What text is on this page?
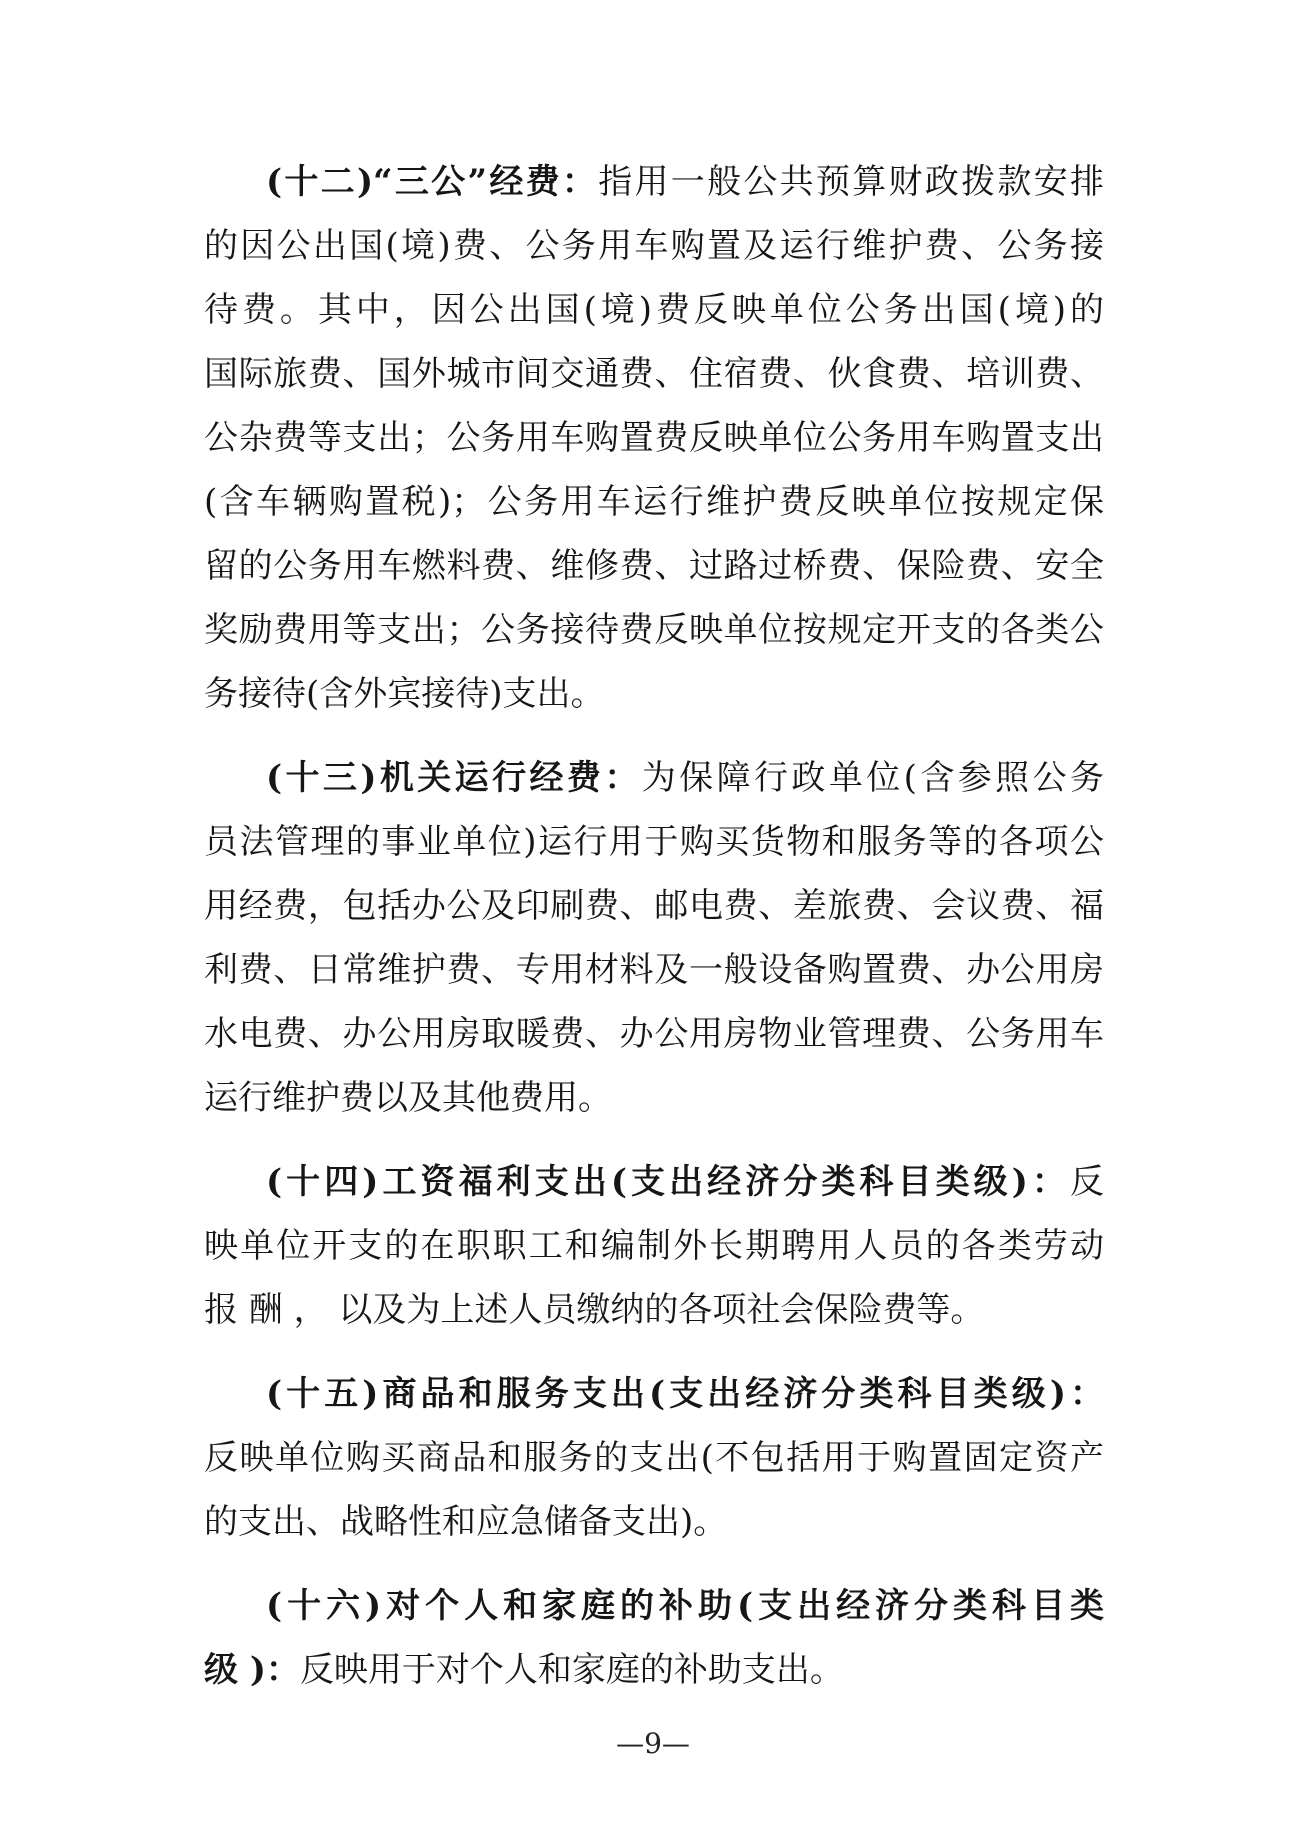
(十二)“三公”经费：指用一般公共预算财政拨款安排
的因公出国(境)费、公务用车购置及运行维护费、公务接
待费。其中，因公出国(境)费反映单位公务出国(境)的
国际旅费、国外城市间交通费、住宿费、伙食费、培训费、
公杂费等支出；公务用车购置费反映单位公务用车购置支出
(含车辆购置税)；公务用车运行维护费反映单位按规定保
留的公务用车燃料费、维修费、过路过桥费、保险费、安全
奖励费用等支出；公务接待费反映单位按规定开支的各类公
务接待(含外宾接待)支出。
(十三)机关运行经费：为保障行政单位(含参照公务
员法管理的事业单位)运行用于购买货物和服务等的各项公
用经费，包括办公及印刷费、邮电费、差旅费、会议费、福
利费、日常维护费、专用材料及一般设备购置费、办公用房
水电费、办公用房取暖费、办公用房物业管理费、公务用车
运行维护费以及其他费用。
(十四)工资福利支出(支出经济分类科目类级)：反
映单位开支的在职职工和编制外长期聘用人员的各类劳动
报 酬 ， 以及为上述人员缴纳的各项社会保险费等。
(十五)商品和服务支出(支出经济分类科目类级)：
反映单位购买商品和服务的支出(不包括用于购置固定资产
的支出、战略性和应急储备支出)。
(十六)对个人和家庭的补助(支出经济分类科目类
级 )：反映用于对个人和家庭的补助支出。
—9—
